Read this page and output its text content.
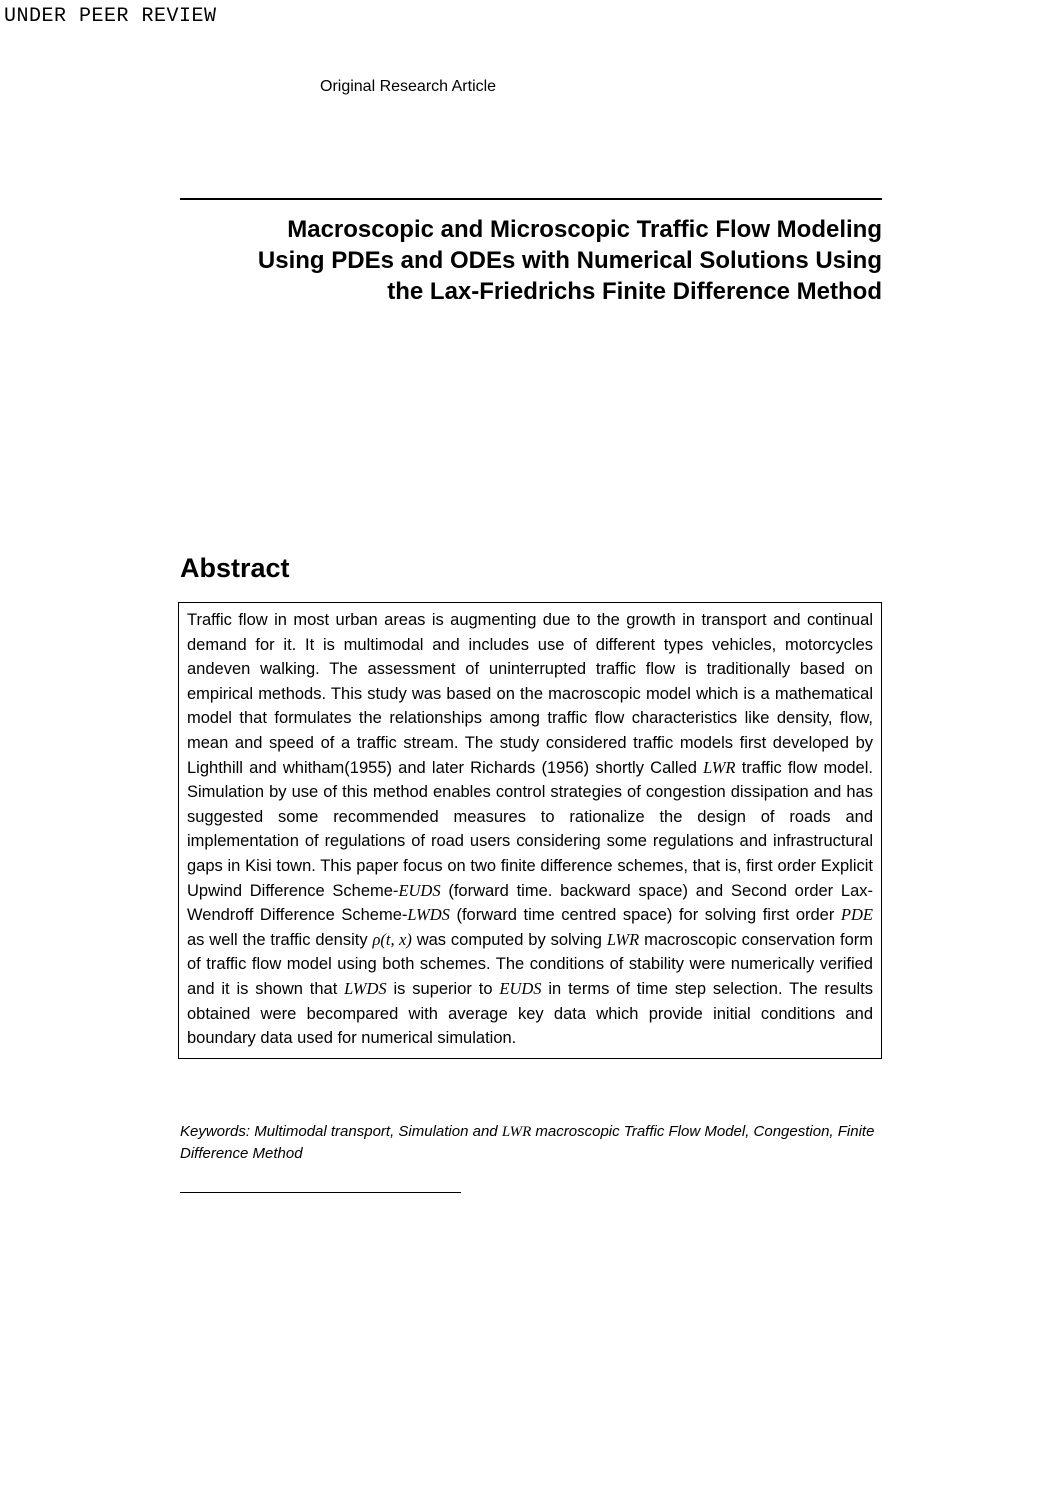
UNDER PEER REVIEW
Original Research Article
Macroscopic and Microscopic Traffic Flow Modeling
Using PDEs and ODEs with Numerical Solutions Using
the Lax-Friedrichs Finite Difference Method
Abstract
Traffic flow in most urban areas is augmenting due to the growth in transport and continual demand for it. It is multimodal and includes use of different types vehicles, motorcycles andeven walking. The assessment of uninterrupted traffic flow is traditionally based on empirical methods. This study was based on the macroscopic model which is a mathematical model that formulates the relationships among traffic flow characteristics like density, flow, mean and speed of a traffic stream. The study considered traffic models first developed by Lighthill and whitham(1955) and later Richards (1956) shortly Called LWR traffic flow model. Simulation by use of this method enables control strategies of congestion dissipation and has suggested some recommended measures to rationalize the design of roads and implementation of regulations of road users considering some regulations and infrastructural gaps in Kisi town. This paper focus on two finite difference schemes, that is, first order Explicit Upwind Difference Scheme-EUDS (forward time. backward space) and Second order Lax-Wendroff Difference Scheme-LWDS (forward time centred space) for solving first order PDE as well the traffic density ρ(t, x) was computed by solving LWR macroscopic conservation form of traffic flow model using both schemes. The conditions of stability were numerically verified and it is shown that LWDS is superior to EUDS in terms of time step selection. The results obtained were becompared with average key data which provide initial conditions and boundary data used for numerical simulation.
Keywords: Multimodal transport, Simulation and LWR macroscopic Traffic Flow Model, Congestion, Finite Difference Method
